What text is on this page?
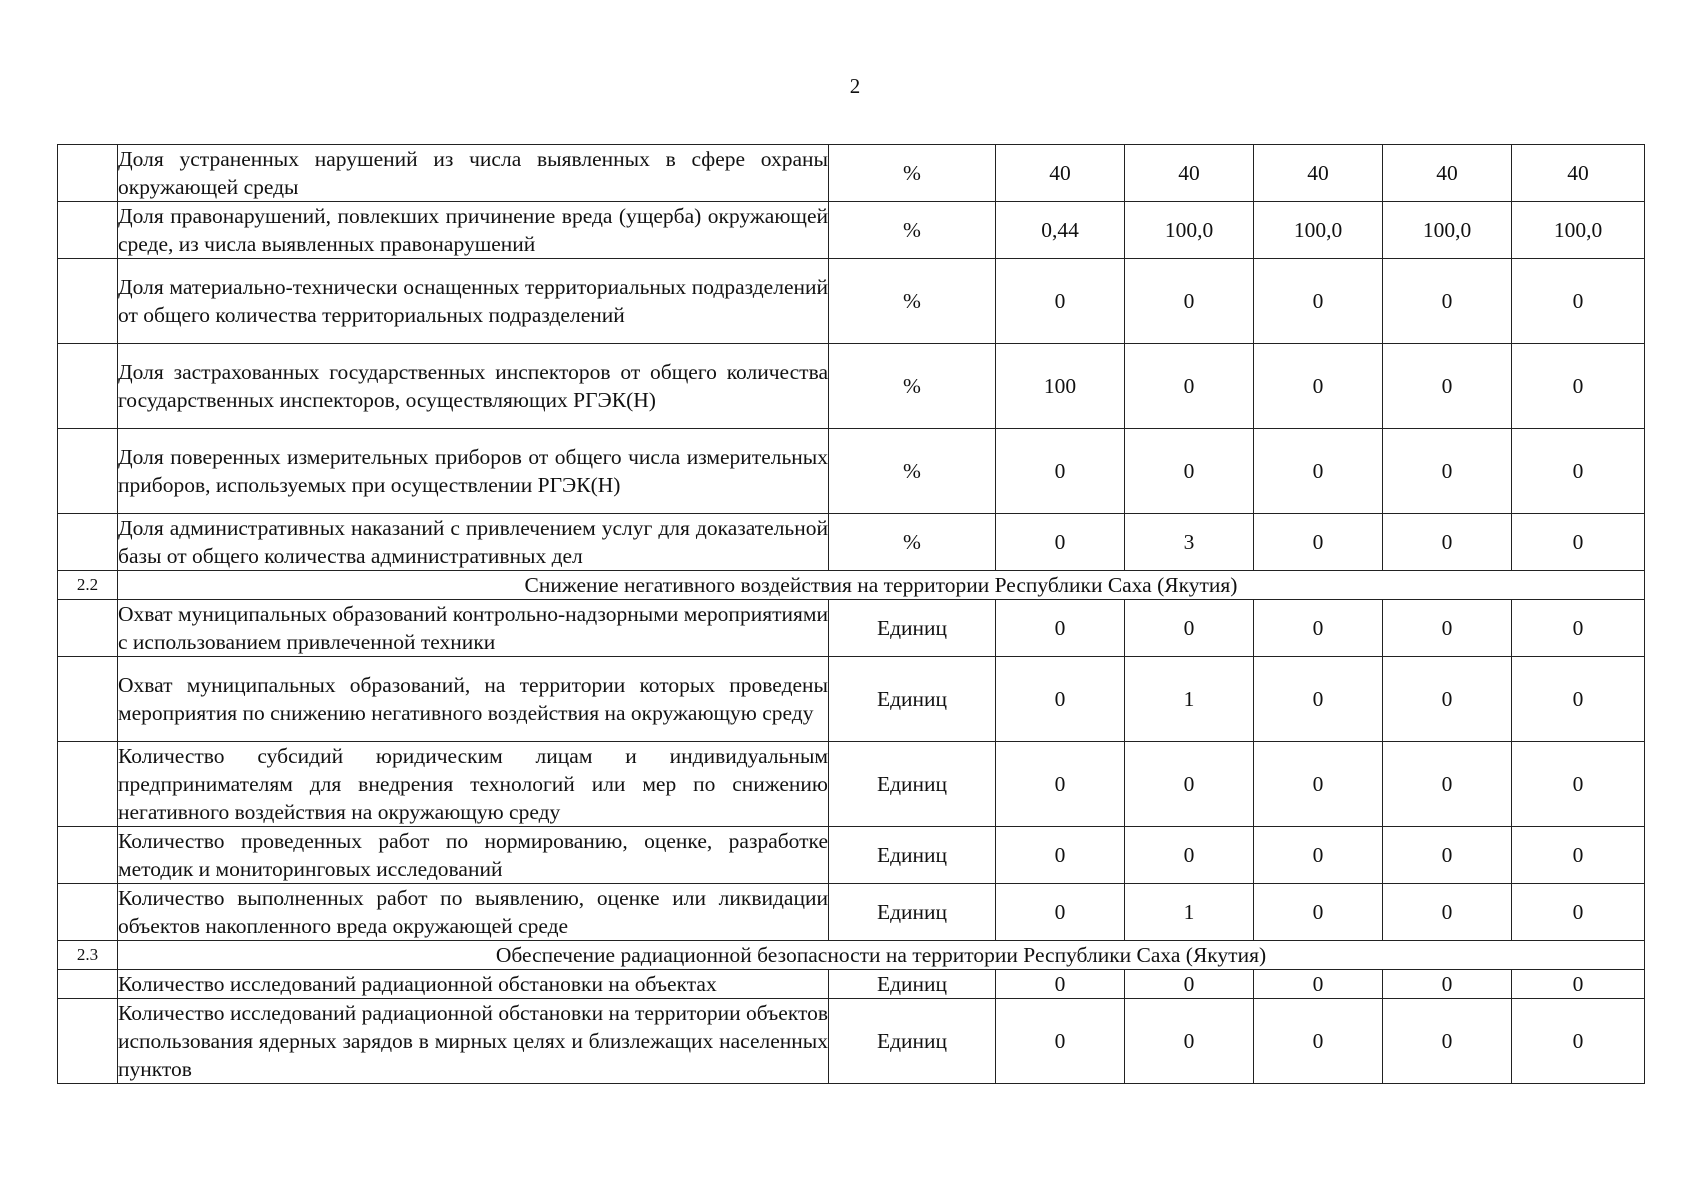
2
	Доля устраненных нарушений из числа выявленных в сфере охраны окружающей среды	%	40	40	40	40	40
	Доля правонарушений, повлекших причинение вреда (ущерба) окружающей среде, из числа выявленных правонарушений	%	0,44	100,0	100,0	100,0	100,0
	Доля материально-технически оснащенных территориальных подразделений от общего количества территориальных подразделений	%	0	0	0	0	0
	Доля застрахованных государственных инспекторов от общего количества государственных инспекторов, осуществляющих РГЭК(Н)	%	100	0	0	0	0
	Доля поверенных измерительных приборов от общего числа измерительных приборов, используемых при осуществлении РГЭК(Н)	%	0	0	0	0	0
	Доля административных наказаний с привлечением услуг для доказательной базы от общего количества административных дел	%	0	3	0	0	0
2.2	Снижение негативного воздействия на территории Республики Саха (Якутия)						
	Охват муниципальных образований контрольно-надзорными мероприятиями с использованием привлеченной техники	Единиц	0	0	0	0	0
	Охват муниципальных образований, на территории которых проведены мероприятия по снижению негативного воздействия на окружающую среду	Единиц	0	1	0	0	0
	Количество субсидий юридическим лицам и индивидуальным предпринимателям для внедрения технологий или мер по снижению негативного воздействия на окружающую среду	Единиц	0	0	0	0	0
	Количество проведенных работ по нормированию, оценке, разработке методик и мониторинговых исследований	Единиц	0	0	0	0	0
	Количество выполненных работ по выявлению, оценке или ликвидации объектов накопленного вреда окружающей среде	Единиц	0	1	0	0	0
2.3	Обеспечение радиационной безопасности на территории Республики Саха (Якутия)						
	Количество исследований радиационной обстановки на объектах	Единиц	0	0	0	0	0
	Количество исследований радиационной обстановки на территории объектов использования ядерных зарядов в мирных целях и близлежащих населенных пунктов	Единиц	0	0	0	0	0
